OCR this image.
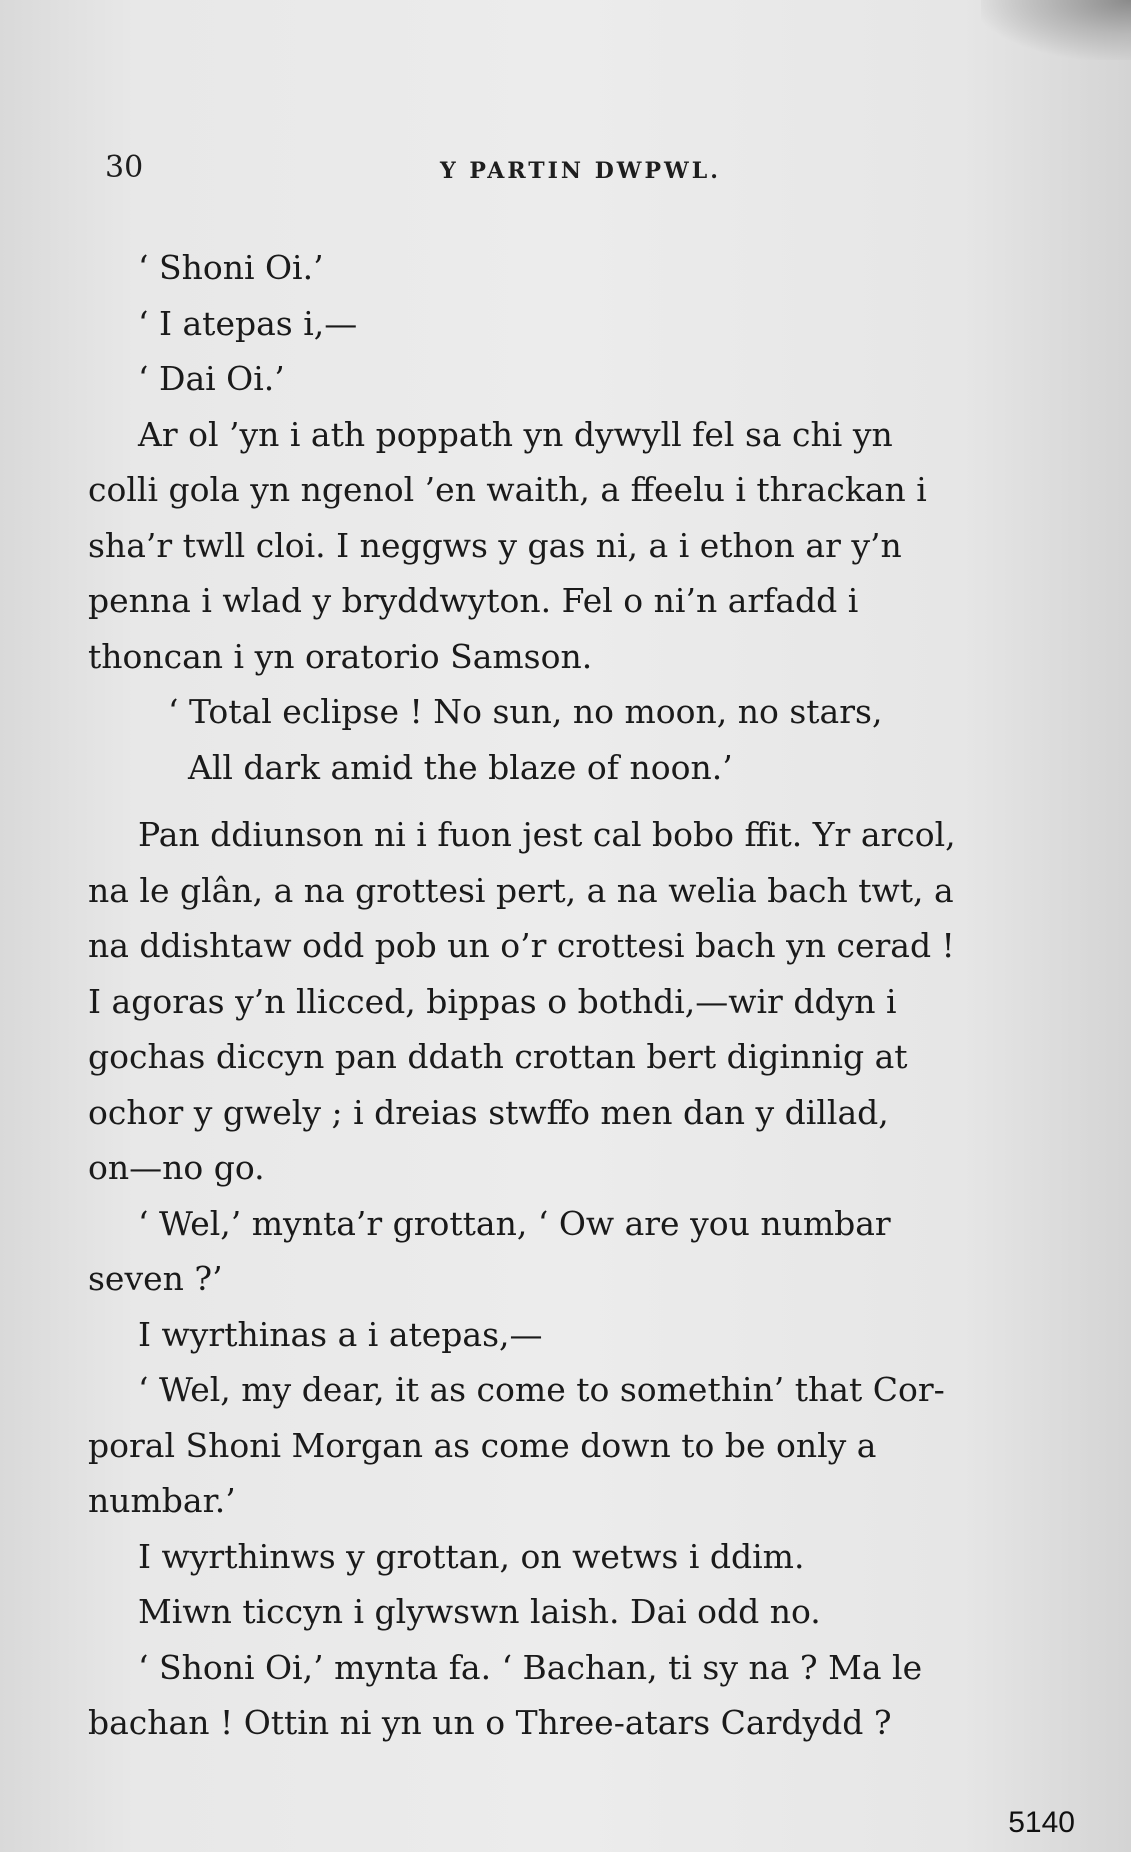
30	Y PARTIN DWPWL.
‘ Shoni Oi.’
‘ I atepas i,—
‘ Dai Oi.’
Ar ol ’yn i ath poppath yn dywyll fel sa chi yn
colli gola yn ngenol ’en waith, a ffeelu i thrackan i
sha’r twll cloi. I neggws y gas ni, a i ethon ar y’n
penna i wlad y bryddwyton. Fel o ni’n arfadd i
thoncan i yn oratorio Samson.
‘ Total eclipse ! No sun, no moon, no stars,
All dark amid the blaze of noon.’
Pan ddiunson ni i fuon jest cal bobo ffit. Yr arcol,
na le glân, a na grottesi pert, a na welia bach twt, a
na ddishtaw odd pob un o’r crottesi bach yn cerad !
I agoras y’n llicced, bippas o bothdi,—wir ddyn i
gochas diccyn pan ddath crottan bert diginnig at
ochor y gwely ; i dreias stwffo men dan y dillad,
on—no go.
‘ Wel,’ mynta’r grottan, ‘ Ow are you numbar
seven ?’
I wyrthinas a i atepas,—
‘ Wel, my dear, it as come to somethin’ that Cor-
poral Shoni Morgan as come down to be only a
numbar.’
I wyrthinws y grottan, on wetws i ddim.
Miwn ticcyn i glywswn laish. Dai odd no.
‘ Shoni Oi,’ mynta fa. ‘ Bachan, ti sy na ? Ma le
bachan ! Ottin ni yn un o Three-atars Cardydd ?
5140
